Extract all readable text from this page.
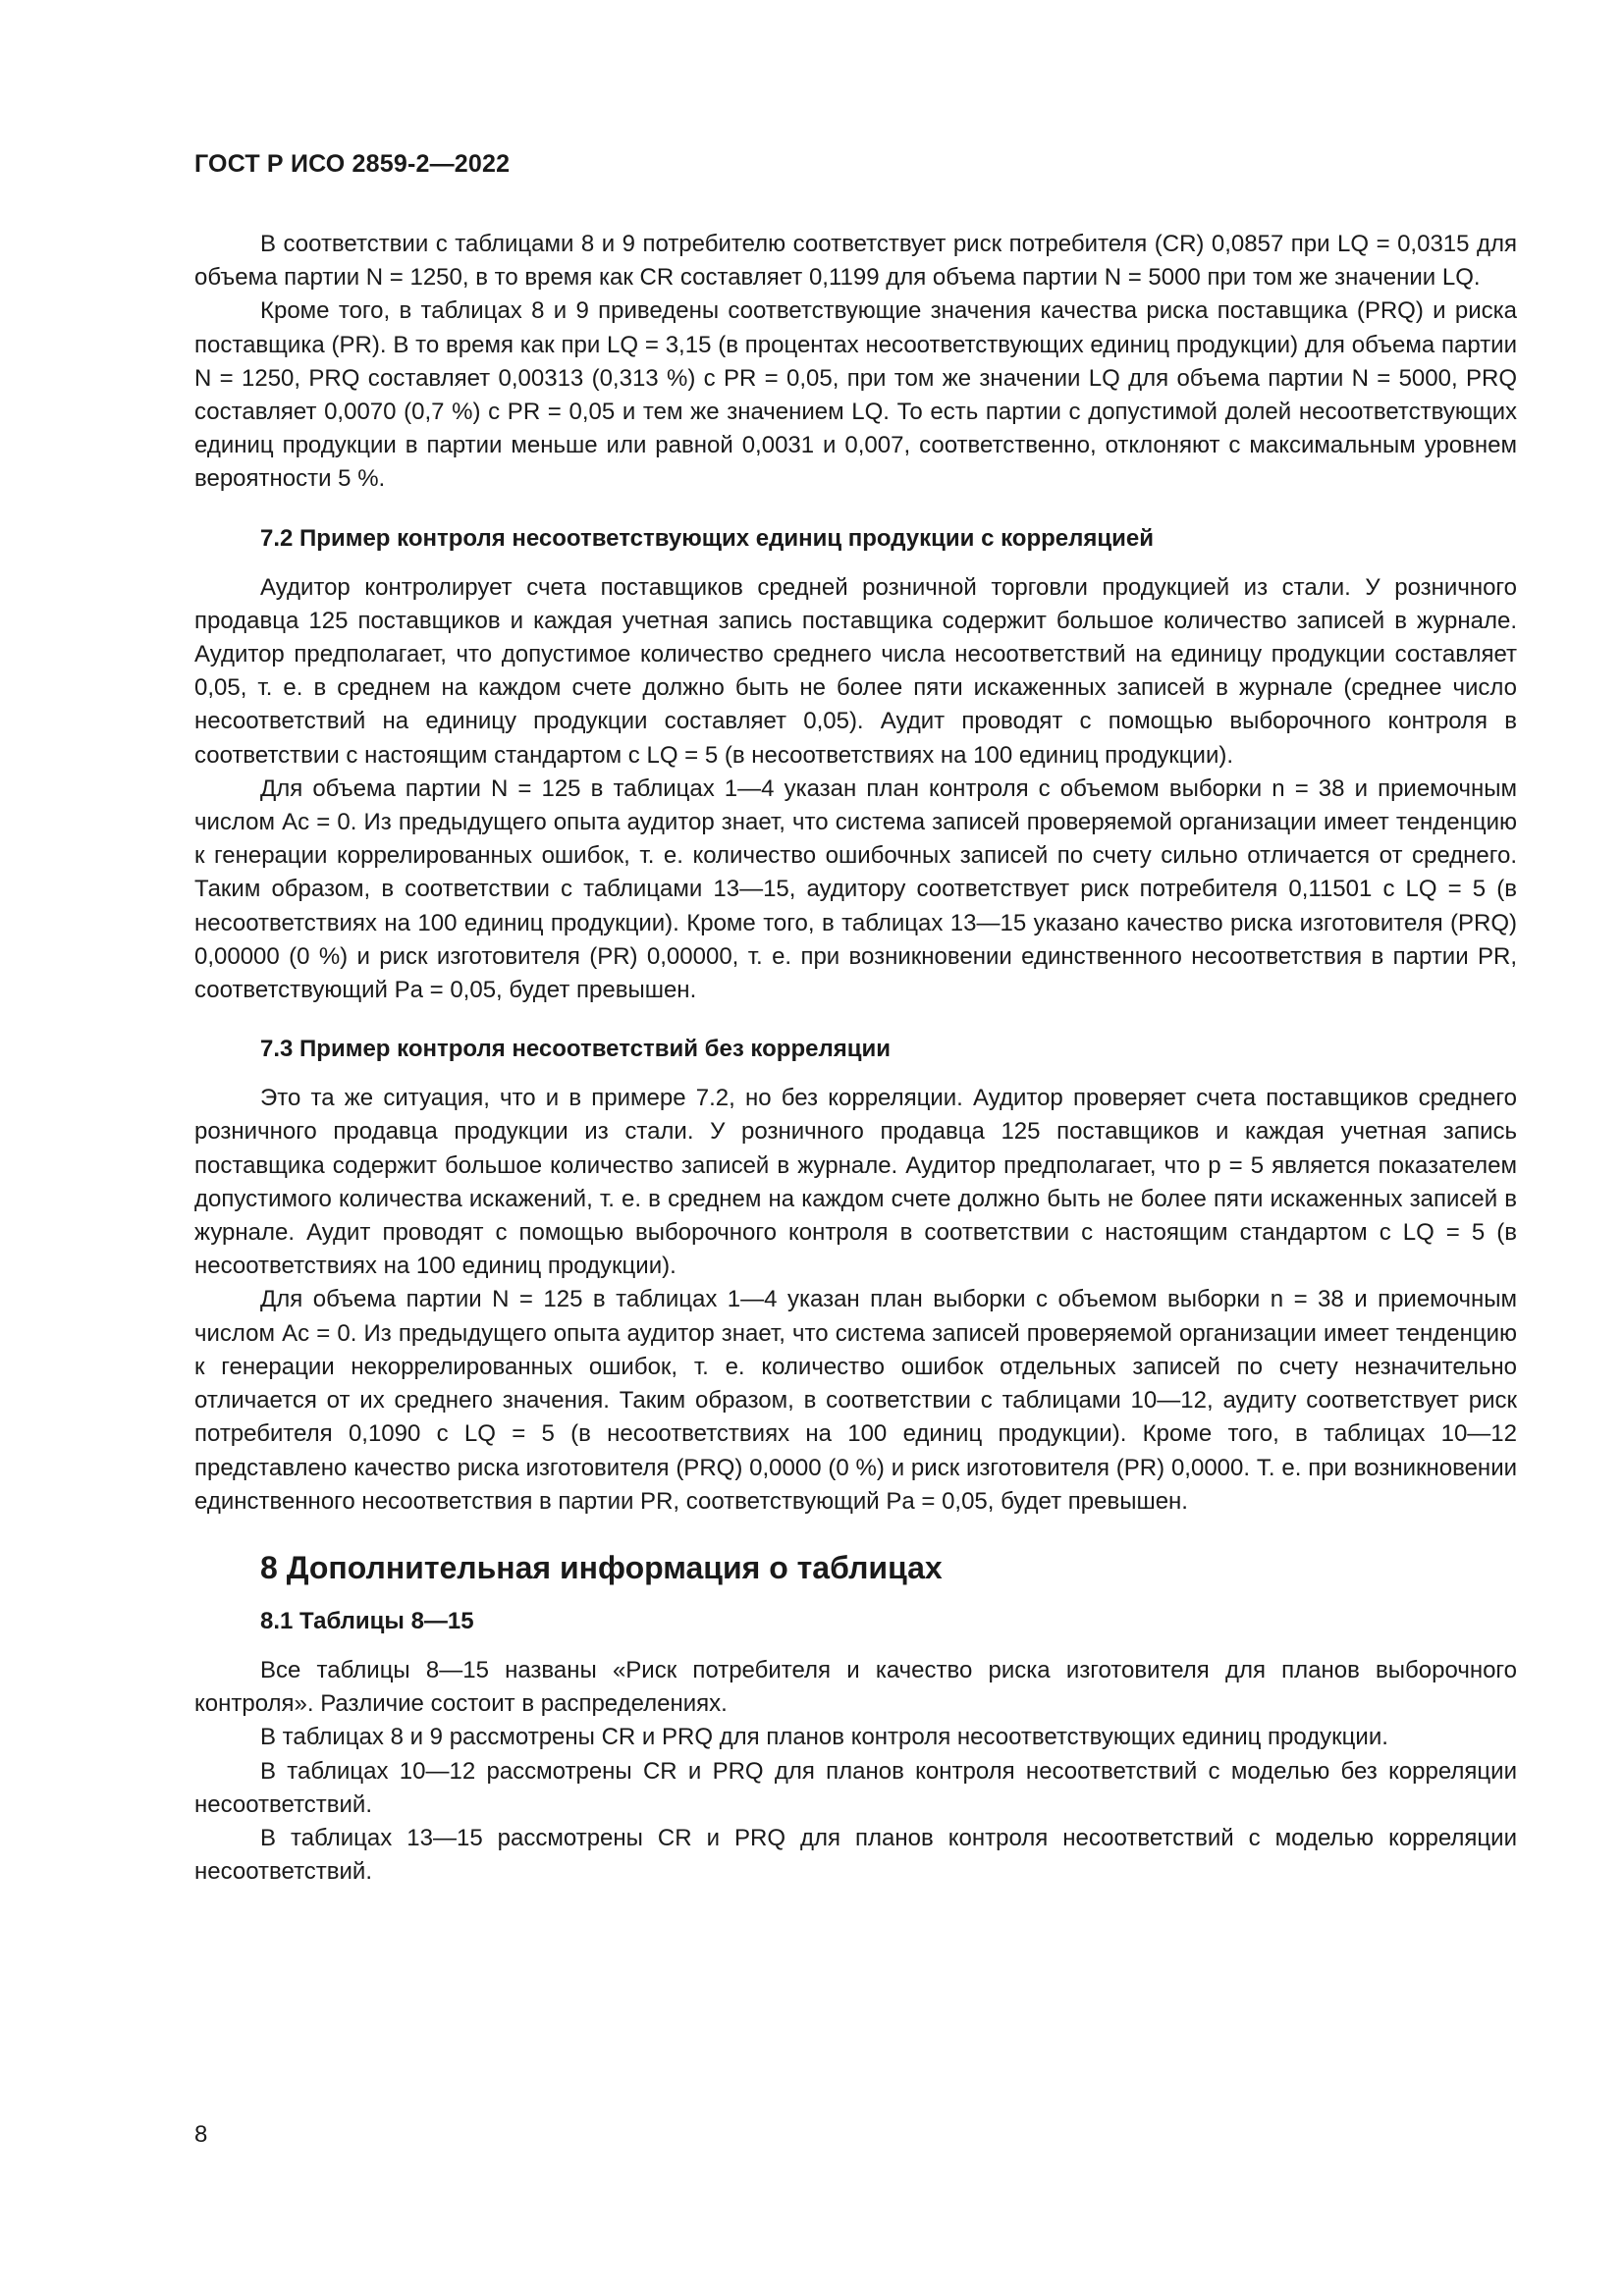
ГОСТ Р ИСО 2859-2—2022

В соответствии с таблицами 8 и 9 потребителю соответствует риск потребителя (CR) 0,0857 при LQ = 0,0315 для объема партии N = 1250, в то время как CR составляет 0,1199 для объема партии N = 5000 при том же значении LQ.

Кроме того, в таблицах 8 и 9 приведены соответствующие значения качества риска поставщика (PRQ) и риска поставщика (PR). В то время как при LQ = 3,15 (в процентах несоответствующих единиц продукции) для объема партии N = 1250, PRQ составляет 0,00313 (0,313 %) с PR = 0,05, при том же значении LQ для объема партии N = 5000, PRQ составляет 0,0070 (0,7 %) с PR = 0,05 и тем же значением LQ. То есть партии с допустимой долей несоответствующих единиц продукции в партии меньше или равной 0,0031 и 0,007, соответственно, отклоняют с максимальным уровнем вероятности 5 %.

7.2 Пример контроля несоответствующих единиц продукции с корреляцией

Аудитор контролирует счета поставщиков средней розничной торговли продукцией из стали. У розничного продавца 125 поставщиков и каждая учетная запись поставщика содержит большое количество записей в журнале. Аудитор предполагает, что допустимое количество среднего числа несоответствий на единицу продукции составляет 0,05, т. е. в среднем на каждом счете должно быть не более пяти искаженных записей в журнале (среднее число несоответствий на единицу продукции составляет 0,05). Аудит проводят с помощью выборочного контроля в соответствии с настоящим стандартом с LQ = 5 (в несоответствиях на 100 единиц продукции).

Для объема партии N = 125 в таблицах 1—4 указан план контроля с объемом выборки n = 38 и приемочным числом Ac = 0. Из предыдущего опыта аудитор знает, что система записей проверяемой организации имеет тенденцию к генерации коррелированных ошибок, т. е. количество ошибочных записей по счету сильно отличается от среднего. Таким образом, в соответствии с таблицами 13—15, аудитору соответствует риск потребителя 0,11501 с LQ = 5 (в несоответствиях на 100 единиц продукции). Кроме того, в таблицах 13—15 указано качество риска изготовителя (PRQ) 0,00000 (0 %) и риск изготовителя (PR) 0,00000, т. е. при возникновении единственного несоответствия в партии PR, соответствующий Pa = 0,05, будет превышен.

7.3 Пример контроля несоответствий без корреляции

Это та же ситуация, что и в примере 7.2, но без корреляции. Аудитор проверяет счета поставщиков среднего розничного продавца продукции из стали. У розничного продавца 125 поставщиков и каждая учетная запись поставщика содержит большое количество записей в журнале. Аудитор предполагает, что p = 5 является показателем допустимого количества искажений, т. е. в среднем на каждом счете должно быть не более пяти искаженных записей в журнале. Аудит проводят с помощью выборочного контроля в соответствии с настоящим стандартом с LQ = 5 (в несоответствиях на 100 единиц продукции).

Для объема партии N = 125 в таблицах 1—4 указан план выборки с объемом выборки n = 38 и приемочным числом Ac = 0. Из предыдущего опыта аудитор знает, что система записей проверяемой организации имеет тенденцию к генерации некоррелированных ошибок, т. е. количество ошибок отдельных записей по счету незначительно отличается от их среднего значения. Таким образом, в соответствии с таблицами 10—12, аудиту соответствует риск потребителя 0,1090 с LQ = 5 (в несоответствиях на 100 единиц продукции). Кроме того, в таблицах 10—12 представлено качество риска изготовителя (PRQ) 0,0000 (0 %) и риск изготовителя (PR) 0,0000. Т. е. при возникновении единственного несоответствия в партии PR, соответствующий Pa = 0,05, будет превышен.

8 Дополнительная информация о таблицах
8.1 Таблицы 8—15

Все таблицы 8—15 названы «Риск потребителя и качество риска изготовителя для планов выборочного контроля». Различие состоит в распределениях.

В таблицах 8 и 9 рассмотрены CR и PRQ для планов контроля несоответствующих единиц продукции.

В таблицах 10—12 рассмотрены CR и PRQ для планов контроля несоответствий с моделью без корреляции несоответствий.

В таблицах 13—15 рассмотрены CR и PRQ для планов контроля несоответствий с моделью корреляции несоответствий.

8
